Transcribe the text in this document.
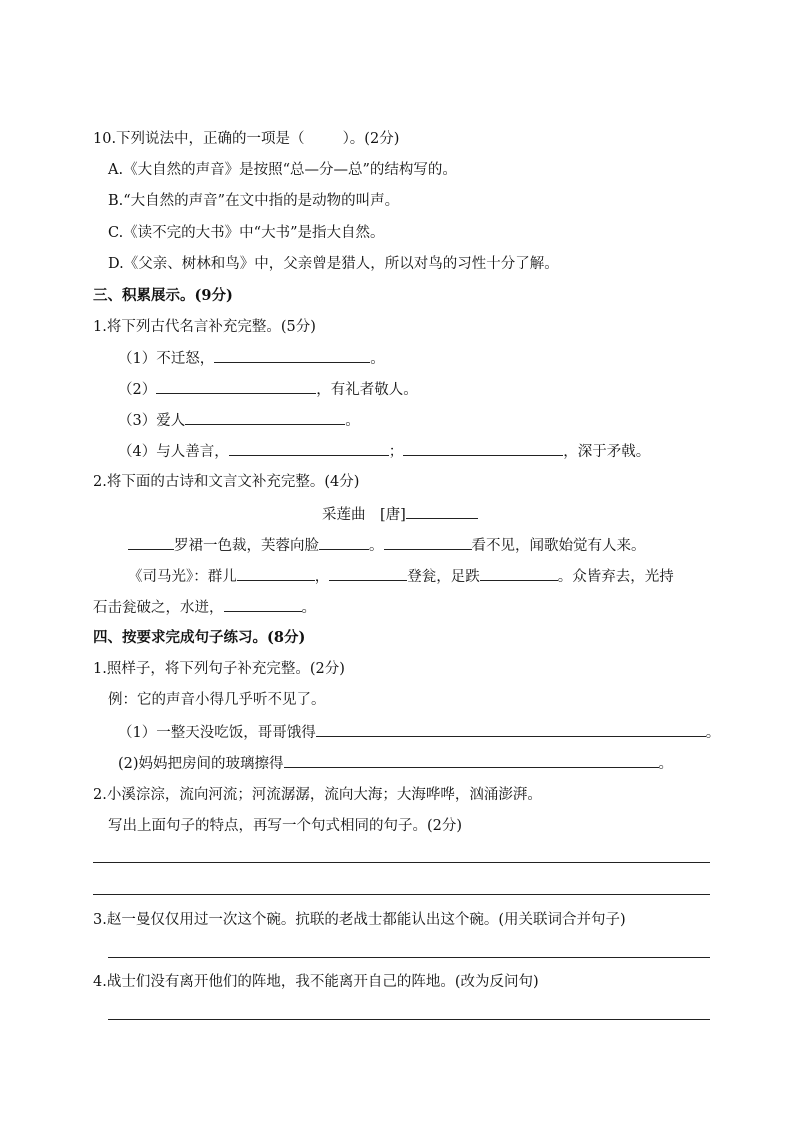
10.下列说法中，正确的一项是（	）。(2分)
A.《大自然的声音》是按照“总—分—总”的结构写的。
B.“大自然的声音”在文中指的是动物的叫声。
C.《读不完的大书》中“大书”是指大自然。
D.《父亲、树林和鸟》中，父亲曾是猎人，所以对鸟的习性十分了解。
三、积累展示。(9分)
1.将下列古代名言补充完整。(5分)
（1）不迁怒，	。
（2）	，有礼者敬人。
（3）爱人	。
（4）与人善言，	；	，深于矛戟。
2.将下面的古诗和文言文补充完整。(4分)
采莲曲　[唐]
罗裙一色裁，芙蓉向脸	。	看不见，闻歌始觉有人来。
《司马光》：群儿	，	登瓮，足跌	。众皆弃去，光持
石击瓮破之，水迸，	。
四、按要求完成句子练习。(8分)
1.照样子，将下列句子补充完整。(2分)
例：它的声音小得几乎听不见了。
（1）一整天没吃饭，哥哥饿得	。
(2)妈妈把房间的玻璃擦得	。
2.小溪淙淙，流向河流；河流潺潺，流向大海；大海哗哗，汹涌澎湃。
写出上面句子的特点，再写一个句式相同的句子。(2分)
3.赵一曼仅仅用过一次这个碗。抗联的老战士都能认出这个碗。(用关联词合并句子)
4.战士们没有离开他们的阵地，我不能离开自己的阵地。(改为反问句)
